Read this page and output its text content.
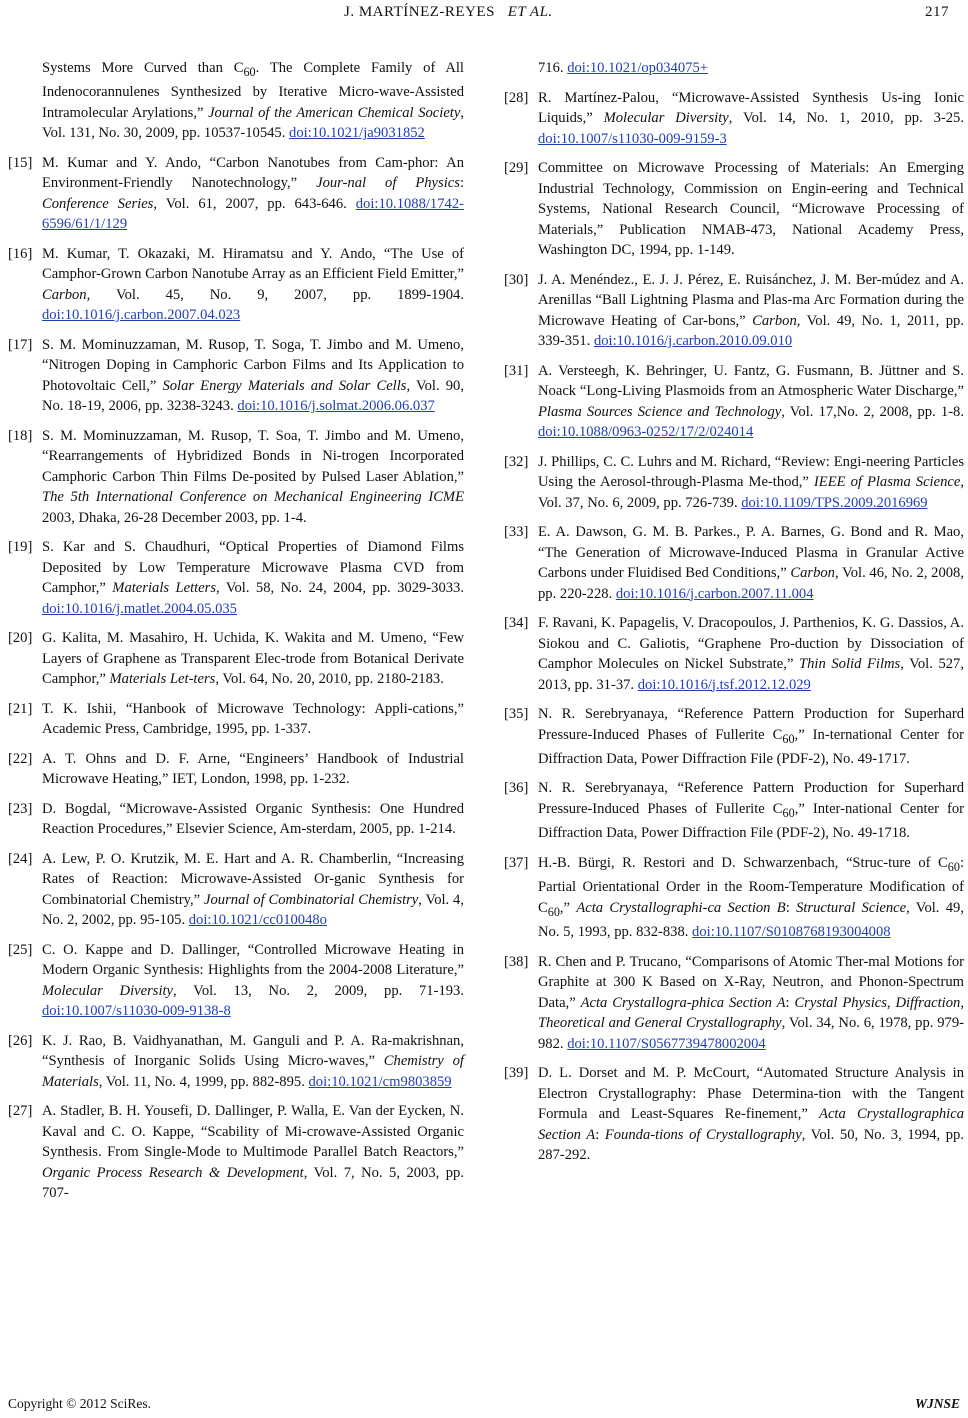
J. MARTÍNEZ-REYES ET AL.	217
Systems More Curved than $C_{60}$. The Complete Family of All Indenocorannulenes Synthesized by Iterative Micro-wave-Assisted Intramolecular Arylations,” Journal of the American Chemical Society, Vol. 131, No. 30, 2009, pp. 10537-10545. doi:10.1021/ja9031852
[15] M. Kumar and Y. Ando, “Carbon Nanotubes from Cam-phor: An Environment-Friendly Nanotechnology,” Jour-nal of Physics: Conference Series, Vol. 61, 2007, pp. 643-646. doi:10.1088/1742-6596/61/1/129
[16] M. Kumar, T. Okazaki, M. Hiramatsu and Y. Ando, “The Use of Camphor-Grown Carbon Nanotube Array as an Efficient Field Emitter,” Carbon, Vol. 45, No. 9, 2007, pp. 1899-1904. doi:10.1016/j.carbon.2007.04.023
[17] S. M. Mominuzzaman, M. Rusop, T. Soga, T. Jimbo and M. Umeno, “Nitrogen Doping in Camphoric Carbon Films and Its Application to Photovoltaic Cell,” Solar Energy Materials and Solar Cells, Vol. 90, No. 18-19, 2006, pp. 3238-3243. doi:10.1016/j.solmat.2006.06.037
[18] S. M. Mominuzzaman, M. Rusop, T. Soa, T. Jimbo and M. Umeno, “Rearrangements of Hybridized Bonds in Ni-trogen Incorporated Camphoric Carbon Thin Films De-posited by Pulsed Laser Ablation,” The 5th International Conference on Mechanical Engineering ICME 2003, Dhaka, 26-28 December 2003, pp. 1-4.
[19] S. Kar and S. Chaudhuri, “Optical Properties of Diamond Films Deposited by Low Temperature Microwave Plasma CVD from Camphor,” Materials Letters, Vol. 58, No. 24, 2004, pp. 3029-3033. doi:10.1016/j.matlet.2004.05.035
[20] G. Kalita, M. Masahiro, H. Uchida, K. Wakita and M. Umeno, “Few Layers of Graphene as Transparent Elec-trode from Botanical Derivate Camphor,” Materials Let-ters, Vol. 64, No. 20, 2010, pp. 2180-2183.
[21] T. K. Ishii, “Hanbook of Microwave Technology: Appli-cations,” Academic Press, Cambridge, 1995, pp. 1-337.
[22] A. T. Ohns and D. F. Arne, “Engineers’ Handbook of Industrial Microwave Heating,” IET, London, 1998, pp. 1-232.
[23] D. Bogdal, “Microwave-Assisted Organic Synthesis: One Hundred Reaction Procedures,” Elsevier Science, Am-sterdam, 2005, pp. 1-214.
[24] A. Lew, P. O. Krutzik, M. E. Hart and A. R. Chamberlin, “Increasing Rates of Reaction: Microwave-Assisted Or-ganic Synthesis for Combinatorial Chemistry,” Journal of Combinatorial Chemistry, Vol. 4, No. 2, 2002, pp. 95-105. doi:10.1021/cc010048o
[25] C. O. Kappe and D. Dallinger, “Controlled Microwave Heating in Modern Organic Synthesis: Highlights from the 2004-2008 Literature,” Molecular Diversity, Vol. 13, No. 2, 2009, pp. 71-193. doi:10.1007/s11030-009-9138-8
[26] K. J. Rao, B. Vaidhyanathan, M. Ganguli and P. A. Ra-makrishnan, “Synthesis of Inorganic Solids Using Micro-waves,” Chemistry of Materials, Vol. 11, No. 4, 1999, pp. 882-895. doi:10.1021/cm9803859
[27] A. Stadler, B. H. Yousefi, D. Dallinger, P. Walla, E. Van der Eycken, N. Kaval and C. O. Kappe, “Scability of Mi-crowave-Assisted Organic Synthesis. From Single-Mode to Multimode Parallel Batch Reactors,” Organic Process Research & Development, Vol. 7, No. 5, 2003, pp. 707-
716. doi:10.1021/op034075+
[28] R. Martínez-Palou, “Microwave-Assisted Synthesis Us-ing Ionic Liquids,” Molecular Diversity, Vol. 14, No. 1, 2010, pp. 3-25. doi:10.1007/s11030-009-9159-3
[29] Committee on Microwave Processing of Materials: An Emerging Industrial Technology, Commission on Engin-eering and Technical Systems, National Research Council, “Microwave Processing of Materials,” Publication NMAB-473, National Academy Press, Washington DC, 1994, pp. 1-149.
[30] J. A. Menéndez., E. J. J. Pérez, E. Ruisánchez, J. M. Ber-múdez and A. Arenillas “Ball Lightning Plasma and Plas-ma Arc Formation during the Microwave Heating of Car-bons,” Carbon, Vol. 49, No. 1, 2011, pp. 339-351. doi:10.1016/j.carbon.2010.09.010
[31] A. Versteegh, K. Behringer, U. Fantz, G. Fusmann, B. Jüttner and S. Noack “Long-Living Plasmoids from an Atmospheric Water Discharge,” Plasma Sources Science and Technology, Vol. 17,No. 2, 2008, pp. 1-8. doi:10.1088/0963-0252/17/2/024014
[32] J. Phillips, C. C. Luhrs and M. Richard, “Review: Engi-neering Particles Using the Aerosol-through-Plasma Me-thod,” IEEE of Plasma Science, Vol. 37, No. 6, 2009, pp. 726-739. doi:10.1109/TPS.2009.2016969
[33] E. A. Dawson, G. M. B. Parkes., P. A. Barnes, G. Bond and R. Mao, “The Generation of Microwave-Induced Plasma in Granular Active Carbons under Fluidised Bed Conditions,” Carbon, Vol. 46, No. 2, 2008, pp. 220-228. doi:10.1016/j.carbon.2007.11.004
[34] F. Ravani, K. Papagelis, V. Dracopoulos, J. Parthenios, K. G. Dassios, A. Siokou and C. Galiotis, “Graphene Pro-duction by Dissociation of Camphor Molecules on Nickel Substrate,” Thin Solid Films, Vol. 527, 2013, pp. 31-37. doi:10.1016/j.tsf.2012.12.029
[35] N. R. Serebryanaya, “Reference Pattern Production for Superhard Pressure-Induced Phases of Fullerite $C_{60}$,” In-ternational Center for Diffraction Data, Power Diffraction File (PDF-2), No. 49-1717.
[36] N. R. Serebryanaya, “Reference Pattern Production for Superhard Pressure-Induced Phases of Fullerite $C_{60}$,” Inter-national Center for Diffraction Data, Power Diffraction File (PDF-2), No. 49-1718.
[37] H.-B. Bürgi, R. Restori and D. Schwarzenbach, “Struc-ture of $C_{60}$: Partial Orientational Order in the Room-Temperature Modification of $C_{60}$,” Acta Crystallographi-ca Section B: Structural Science, Vol. 49, No. 5, 1993, pp. 832-838. doi:10.1107/S0108768193004008
[38] R. Chen and P. Trucano, “Comparisons of Atomic Ther-mal Motions for Graphite at 300 K Based on X-Ray, Neutron, and Phonon-Spectrum Data,” Acta Crystallogra-phica Section A: Crystal Physics, Diffraction, Theoretical and General Crystallography, Vol. 34, No. 6, 1978, pp. 979-982. doi:10.1107/S0567739478002004
[39] D. L. Dorset and M. P. McCourt, “Automated Structure Analysis in Electron Crystallography: Phase Determina-tion with the Tangent Formula and Least-Squares Re-finement,” Acta Crystallographica Section A: Founda-tions of Crystallography, Vol. 50, No. 3, 1994, pp. 287-292.
Copyright © 2012 SciRes.	WJNSE
